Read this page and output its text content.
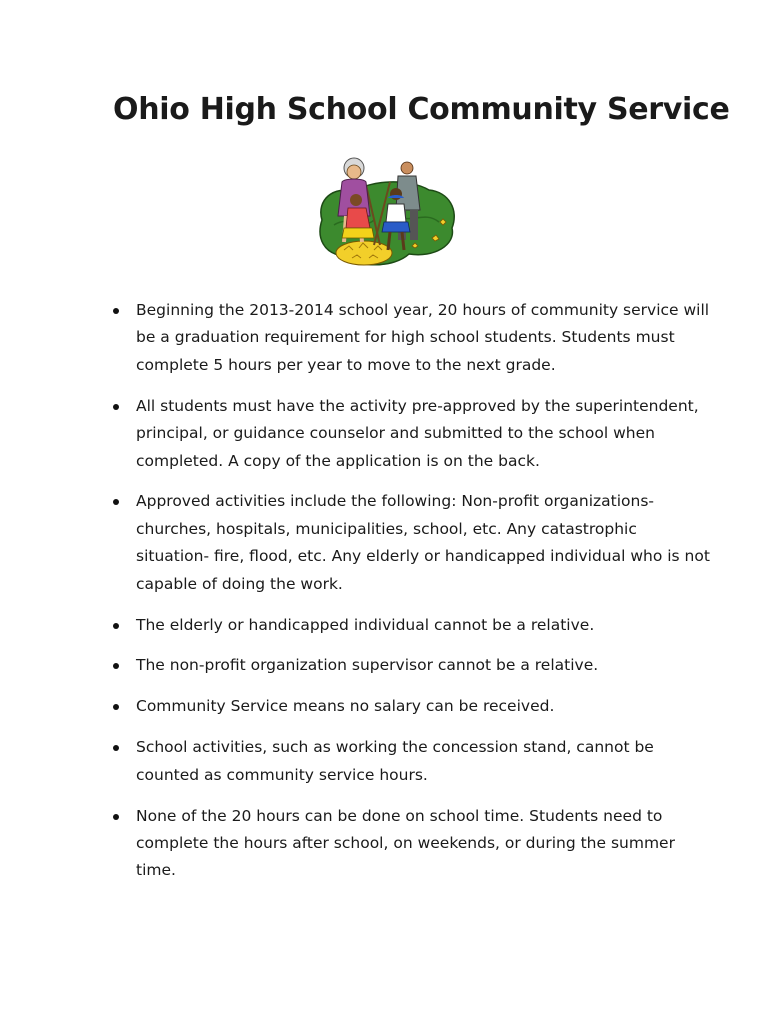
Ohio High School Community Service
Beginning the 2013-2014 school year, 20 hours of community service will be a graduation requirement for high school students. Students must complete 5 hours per year to move to the next grade.
All students must have the activity pre-approved by the superintendent, principal, or guidance counselor and submitted to the school when completed. A copy of the application is on the back.
Approved activities include the following: Non-profit organizations- churches, hospitals, municipalities, school, etc. Any catastrophic situation- fire, flood, etc. Any elderly or handicapped individual who is not capable of doing the work.
The elderly or handicapped individual cannot be a relative.
The non-profit organization supervisor cannot be a relative.
Community Service means no salary can be received.
School activities, such as working the concession stand, cannot be counted as community service hours.
None of the 20 hours can be done on school time. Students need to complete the hours after school, on weekends, or during the summer time.
